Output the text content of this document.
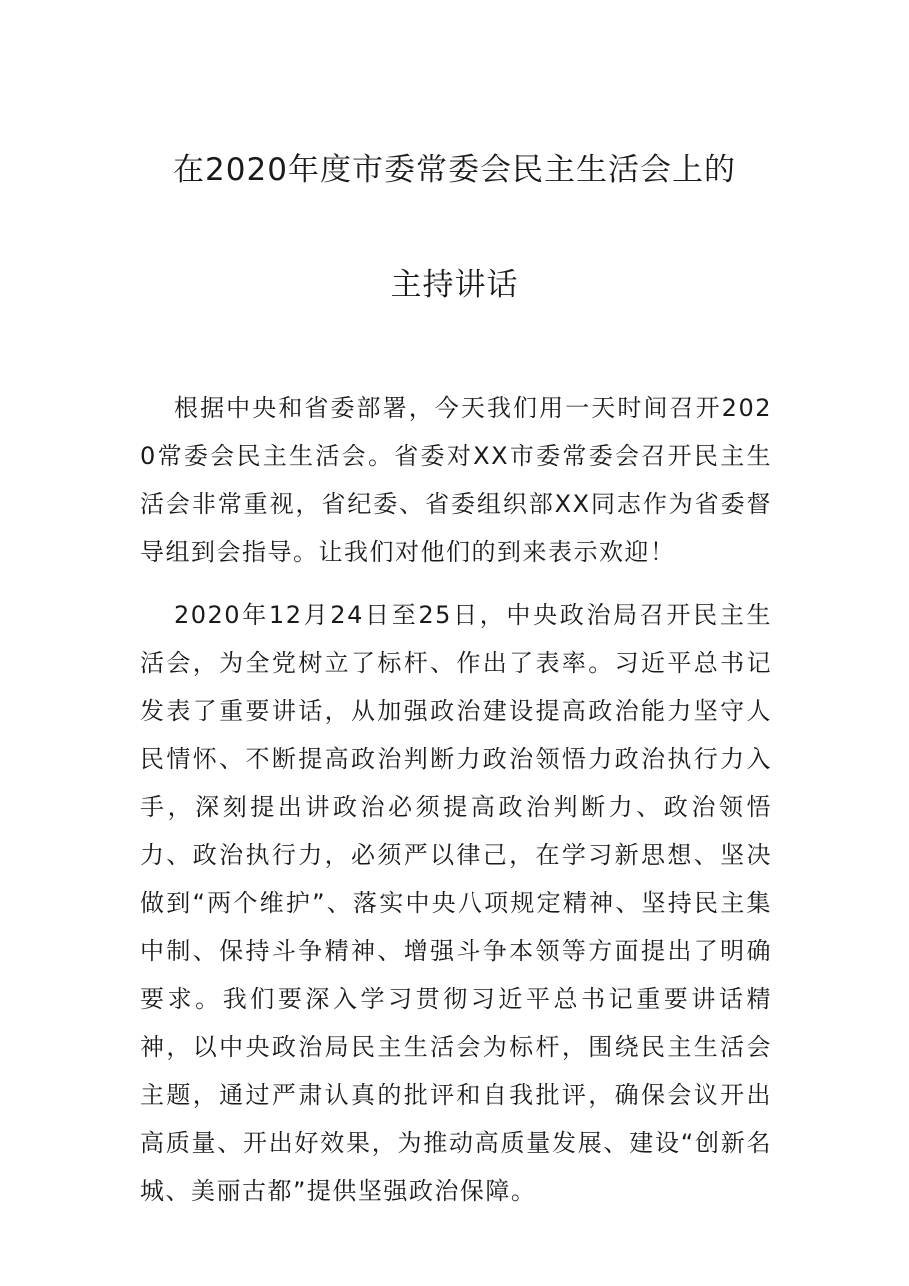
在2020年度市委常委会民主生活会上的
主持讲话

根据中央和省委部署，今天我们用一天时间召开2020常委会民主生活会。省委对XX市委常委会召开民主生活会非常重视，省纪委、省委组织部XX同志作为省委督导组到会指导。让我们对他们的到来表示欢迎！

2020年12月24日至25日，中央政治局召开民主生活会，为全党树立了标杆、作出了表率。习近平总书记发表了重要讲话，从加强政治建设提高政治能力坚守人民情怀、不断提高政治判断力政治领悟力政治执行力入手，深刻提出讲政治必须提高政治判断力、政治领悟力、政治执行力，必须严以律己，在学习新思想、坚决做到“两个维护”、落实中央八项规定精神、坚持民主集中制、保持斗争精神、增强斗争本领等方面提出了明确要求。我们要深入学习贯彻习近平总书记重要讲话精神，以中央政治局民主生活会为标杆，围绕民主生活会主题，通过严肃认真的批评和自我批评，确保会议开出高质量、开出好效果，为推动高质量发展、建设“创新名城、美丽古都”提供坚强政治保障。
